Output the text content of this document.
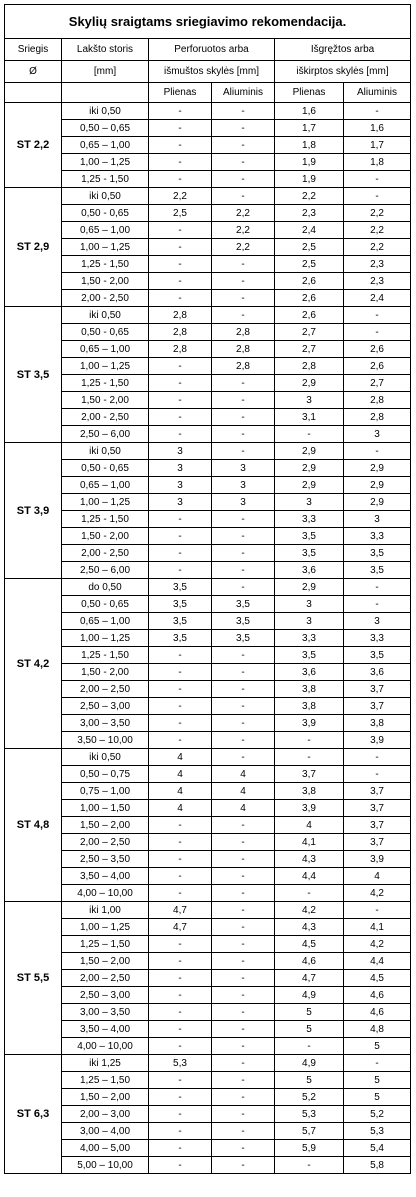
Skylių sraigtams sriegiavimo rekomendacija.					
Sriegis	Lakšto storis	Perforuotos arba		Išgręžtos arba	
Ø	[mm]	išmuštos skylės [mm]		iškirptos skylės [mm]	
		Plienas	Aliuminis	Plienas	Aliuminis
ST 2,2	iki 0,50	-	-	1,6	-
	0,50 – 0,65	-	-	1,7	1,6
	0,65 – 1,00	-	-	1,8	1,7
	1,00 – 1,25	-	-	1,9	1,8
	1,25 - 1,50	-	-	1,9	-
ST 2,9	iki 0,50	2,2	-	2,2	-
	0,50 - 0,65	2,5	2,2	2,3	2,2
	0,65 – 1,00	-	2,2	2,4	2,2
	1,00 – 1,25	-	2,2	2,5	2,2
	1,25 - 1,50	-	-	2,5	2,3
	1,50 - 2,00	-	-	2,6	2,3
	2,00 - 2,50	-	-	2,6	2,4
ST 3,5	iki 0,50	2,8	-	2,6	-
	0,50 - 0,65	2,8	2,8	2,7	-
	0,65 – 1,00	2,8	2,8	2,7	2,6
	1,00 – 1,25	-	2,8	2,8	2,6
	1,25 - 1,50	-	-	2,9	2,7
	1,50 - 2,00	-	-	3	2,8
	2,00 - 2,50	-	-	3,1	2,8
	2,50 – 6,00	-	-	-	3
ST 3,9	iki 0,50	3	-	2,9	-
	0,50 - 0,65	3	3	2,9	2,9
	0,65 – 1,00	3	3	2,9	2,9
	1,00 – 1,25	3	3	3	2,9
	1,25 - 1,50	-	-	3,3	3
	1,50 - 2,00	-	-	3,5	3,3
	2,00 - 2,50	-	-	3,5	3,5
	2,50 – 6,00	-	-	3,6	3,5
ST 4,2	do 0,50	3,5	-	2,9	-
	0,50 - 0,65	3,5	3,5	3	-
	0,65 – 1,00	3,5	3,5	3	3
	1,00 – 1,25	3,5	3,5	3,3	3,3
	1,25 - 1,50	-	-	3,5	3,5
	1,50 - 2,00	-	-	3,6	3,6
	2,00 – 2,50	-	-	3,8	3,7
	2,50 – 3,00	-	-	3,8	3,7
	3,00 – 3,50	-	-	3,9	3,8
	3,50 – 10,00	-	-	-	3,9
ST 4,8	iki 0,50	4	-	-	-
	0,50 – 0,75	4	4	3,7	-
	0,75 – 1,00	4	4	3,8	3,7
	1,00 – 1,50	4	4	3,9	3,7
	1,50 – 2,00	-	-	4	3,7
	2,00 – 2,50	-	-	4,1	3,7
	2,50 – 3,50	-	-	4,3	3,9
	3,50 – 4,00	-	-	4,4	4
	4,00 – 10,00	-	-	-	4,2
ST 5,5	iki 1,00	4,7	-	4,2	-
	1,00 – 1,25	4,7	-	4,3	4,1
	1,25 – 1,50	-	-	4,5	4,2
	1,50 – 2,00	-	-	4,6	4,4
	2,00 – 2,50	-	-	4,7	4,5
	2,50 – 3,00	-	-	4,9	4,6
	3,00 – 3,50	-	-	5	4,6
	3,50 – 4,00	-	-	5	4,8
	4,00 – 10,00	-	-	-	5
ST 6,3	iki 1,25	5,3	-	4,9	-
	1,25 – 1,50	-	-	5	5
	1,50 – 2,00	-	-	5,2	5
	2,00 – 3,00	-	-	5,3	5,2
	3,00 – 4,00	-	-	5,7	5,3
	4,00 – 5,00	-	-	5,9	5,4
	5,00 – 10,00	-	-	-	5,8
